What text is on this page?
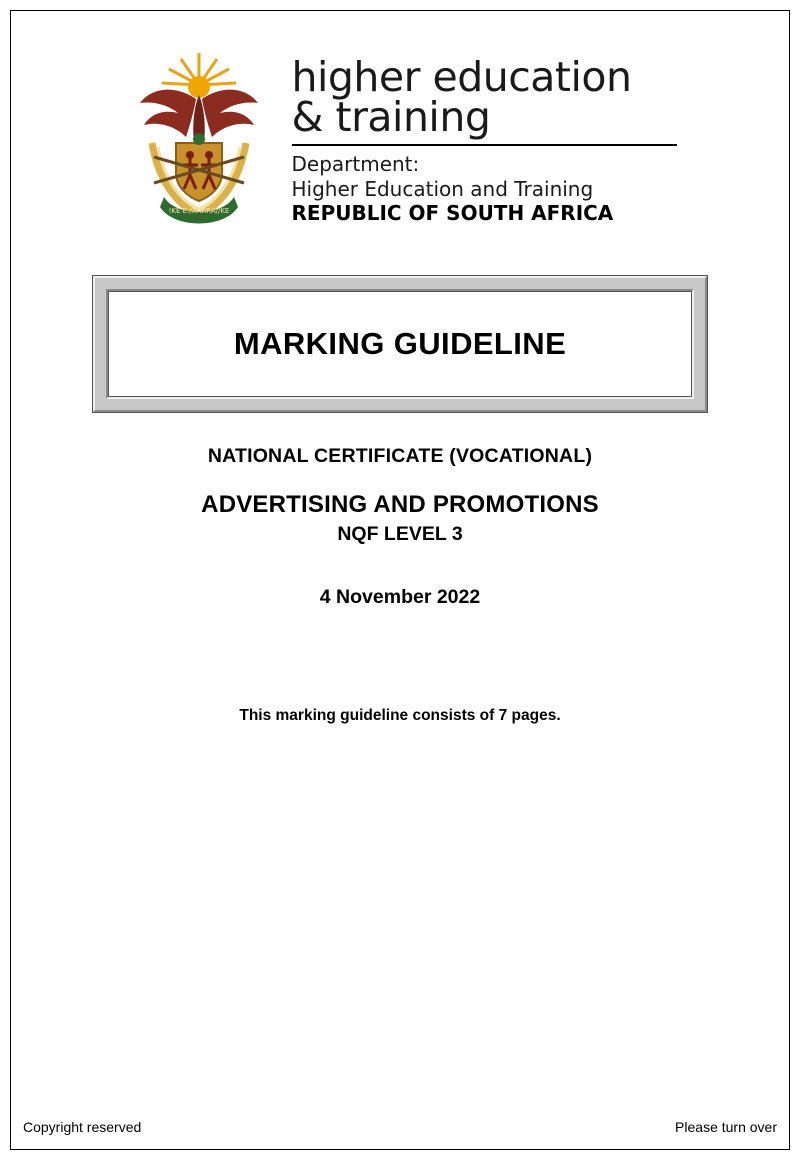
!KE E:/XARRA//KE
higher education
& training
Department:
Higher Education and Training
REPUBLIC OF SOUTH AFRICA
MARKING GUIDELINE
NATIONAL CERTIFICATE (VOCATIONAL)
ADVERTISING AND PROMOTIONS
NQF LEVEL 3
4 November 2022
This marking guideline consists of 7 pages.
Copyright reserved	Please turn over
